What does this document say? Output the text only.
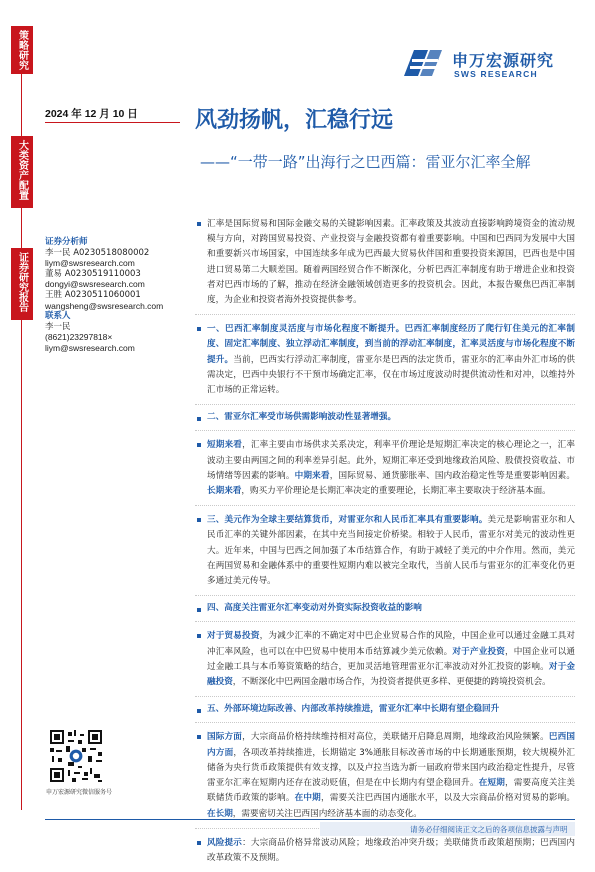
策略研究
大类资产配置
证券研究报告
申万宏源研究
SWS RESEARCH
2024 年 12 月 10 日	风劲扬帆，汇稳行远
——“一带一路”出海行之巴西篇：雷亚尔汇率全解
证券分析师
李一民 A0230518080002
liym@swsresearch.com
董易 A0230519110003
dongyi@swsresearch.com
王胜 A0230511060001
wangsheng@swsresearch.com
联系人
李一民
(8621)23297818×
liym@swsresearch.com
汇率是国际贸易和国际金融交易的关键影响因素。汇率政策及其波动直接影响跨境资金的流动规模与方向，对跨国贸易投资、产业投资与金融投资都有着重要影响。中国和巴西同为发展中大国和重要新兴市场国家，中国连续多年成为巴西最大贸易伙伴国和重要投资来源国，巴西也是中国进口贸易第二大顺差国。随着两国经贸合作不断深化，分析巴西汇率制度有助于增进企业和投资者对巴西市场的了解，推动在经济金融领域创造更多的投资机会。因此，本报告聚焦巴西汇率制度，为企业和投资者海外投资提供参考。
一、巴西汇率制度灵活度与市场化程度不断提升。巴西汇率制度经历了爬行钉住美元的汇率制度、固定汇率制度、独立浮动汇率制度，到当前的浮动汇率制度，汇率灵活度与市场化程度不断提升。当前，巴西实行浮动汇率制度，雷亚尔是巴西的法定货币，雷亚尔的汇率由外汇市场的供需决定，巴西中央银行不干预市场确定汇率，仅在市场过度波动时提供流动性和对冲，以维持外汇市场的正常运转。
二、雷亚尔汇率受市场供需影响波动性显著增强。
短期来看，汇率主要由市场供求关系决定，利率平价理论是短期汇率决定的核心理论之一，汇率波动主要由两国之间的利率差异引起。此外，短期汇率还受到地缘政治风险、股债投资收益、市场情绪等因素的影响。中期来看，国际贸易、通货膨胀率、国内政治稳定性等是重要影响因素。长期来看，购买力平价理论是长期汇率决定的重要理论，长期汇率主要取决于经济基本面。
三、美元作为全球主要结算货币，对雷亚尔和人民币汇率具有重要影响。美元是影响雷亚尔和人民币汇率的关键外部因素，在其中充当间接定价桥梁。相较于人民币，雷亚尔对美元的波动性更大。近年来，中国与巴西之间加强了本币结算合作，有助于减轻了美元的中介作用。然而，美元在两国贸易和金融体系中的重要性短期内难以被完全取代，当前人民币与雷亚尔的汇率变化仍更多通过美元传导。
四、高度关注雷亚尔汇率变动对外资实际投资收益的影响
对于贸易投资，为减少汇率的不确定对中巴企业贸易合作的风险，中国企业可以通过金融工具对冲汇率风险，也可以在中巴贸易中使用本币结算减少美元依赖。对于产业投资，中国企业可以通过金融工具与本币筹资策略的结合，更加灵活地管理雷亚尔汇率波动对外汇投资的影响。对于金融投资，不断深化中巴两国金融市场合作，为投资者提供更多样、更便捷的跨境投资机会。
五、外部环境边际改善、内部改革持续推进，雷亚尔汇率中长期有望企稳回升
国际方面，大宗商品价格持续维持相对高位，美联储开启降息周期，地缘政治风险频繁。巴西国内方面，各项改革持续推进，长期锚定 3%通胀目标改善市场的中长期通胀预期，较大规模外汇储备为央行货币政策提供有效支撑，以及卢拉当选为新一届政府带来国内政治稳定性提升，尽管雷亚尔汇率在短期内还存在波动贬值，但是在中长期内有望企稳回升。在短期，需要高度关注美联储货币政策的影响。在中期，需要关注巴西国内通胀水平，以及大宗商品价格对贸易的影响。在长期，需要密切关注巴西国内经济基本面的动态变化。
风险提示：大宗商品价格异常波动风险；地缘政治冲突升级；美联储货币政策超预期；巴西国内改革政策不及预期。
申万宏源研究微信服务号
请务必仔细阅读正文之后的各项信息披露与声明
